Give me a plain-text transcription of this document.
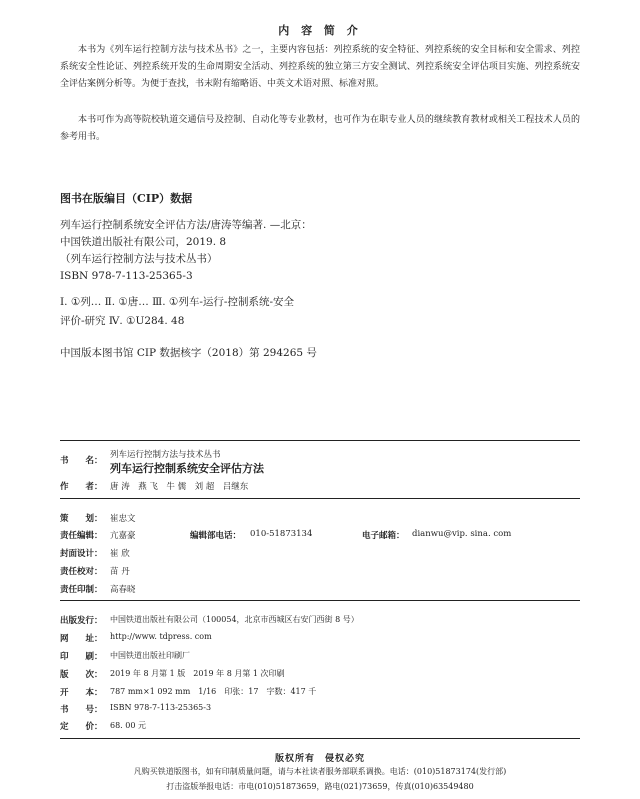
内 容 简 介
本书为《列车运行控制方法与技术丛书》之一，主要内容包括：列控系统的安全特征、列控系统的安全目标和安全需求、列控系统安全性论证、列控系统开发的生命周期安全活动、列控系统的独立第三方安全测试、列控系统安全评估项目实施、列控系统安全评估案例分析等。为便于查找，书末附有缩略语、中英文术语对照、标准对照。
本书可作为高等院校轨道交通信号及控制、自动化等专业教材，也可作为在职专业人员的继续教育教材或相关工程技术人员的参考用书。
图书在版编目（CIP）数据
列车运行控制系统安全评估方法/唐涛等编著. —北京：
中国铁道出版社有限公司，2019. 8
（列车运行控制方法与技术丛书）
ISBN 978-7-113-25365-3
Ⅰ. ①列… Ⅱ. ①唐… Ⅲ. ①列车-运行-控制系统-安全
评价-研究 Ⅳ. ①U284. 48
中国版本图书馆 CIP 数据核字（2018）第 294265 号
书　　名：
列车运行控制方法与技术丛书
列车运行控制系统安全评估方法
作　　者： 唐 涛　燕 飞　牛 儒　刘 超　吕继东
策　　划： 崔忠文
责任编辑： 亢嘉豪	编辑部电话： 010-51873134	电子邮箱： dianwu@vip. sina. com
封面设计： 崔 欣
责任校对： 苗 丹
责任印制： 高春晓
出版发行： 中国铁道出版社有限公司（100054，北京市西城区右安门西街 8 号）
网　　址： http://www. tdpress. com
印　　刷： 中国铁道出版社印刷厂
版　　次： 2019 年 8 月第 1 版　2019 年 8 月第 1 次印刷
开　　本： 787 mm×1 092 mm　1/16　印张：17　字数：417 千
书　　号： ISBN 978-7-113-25365-3
定　　价： 68. 00 元
版权所有　侵权必究
凡购买铁道版图书，如有印制质量问题，请与本社读者服务部联系调换。电话：(010)51873174(发行部)
打击盗版举报电话：市电(010)51873659，路电(021)73659，传真(010)63549480
